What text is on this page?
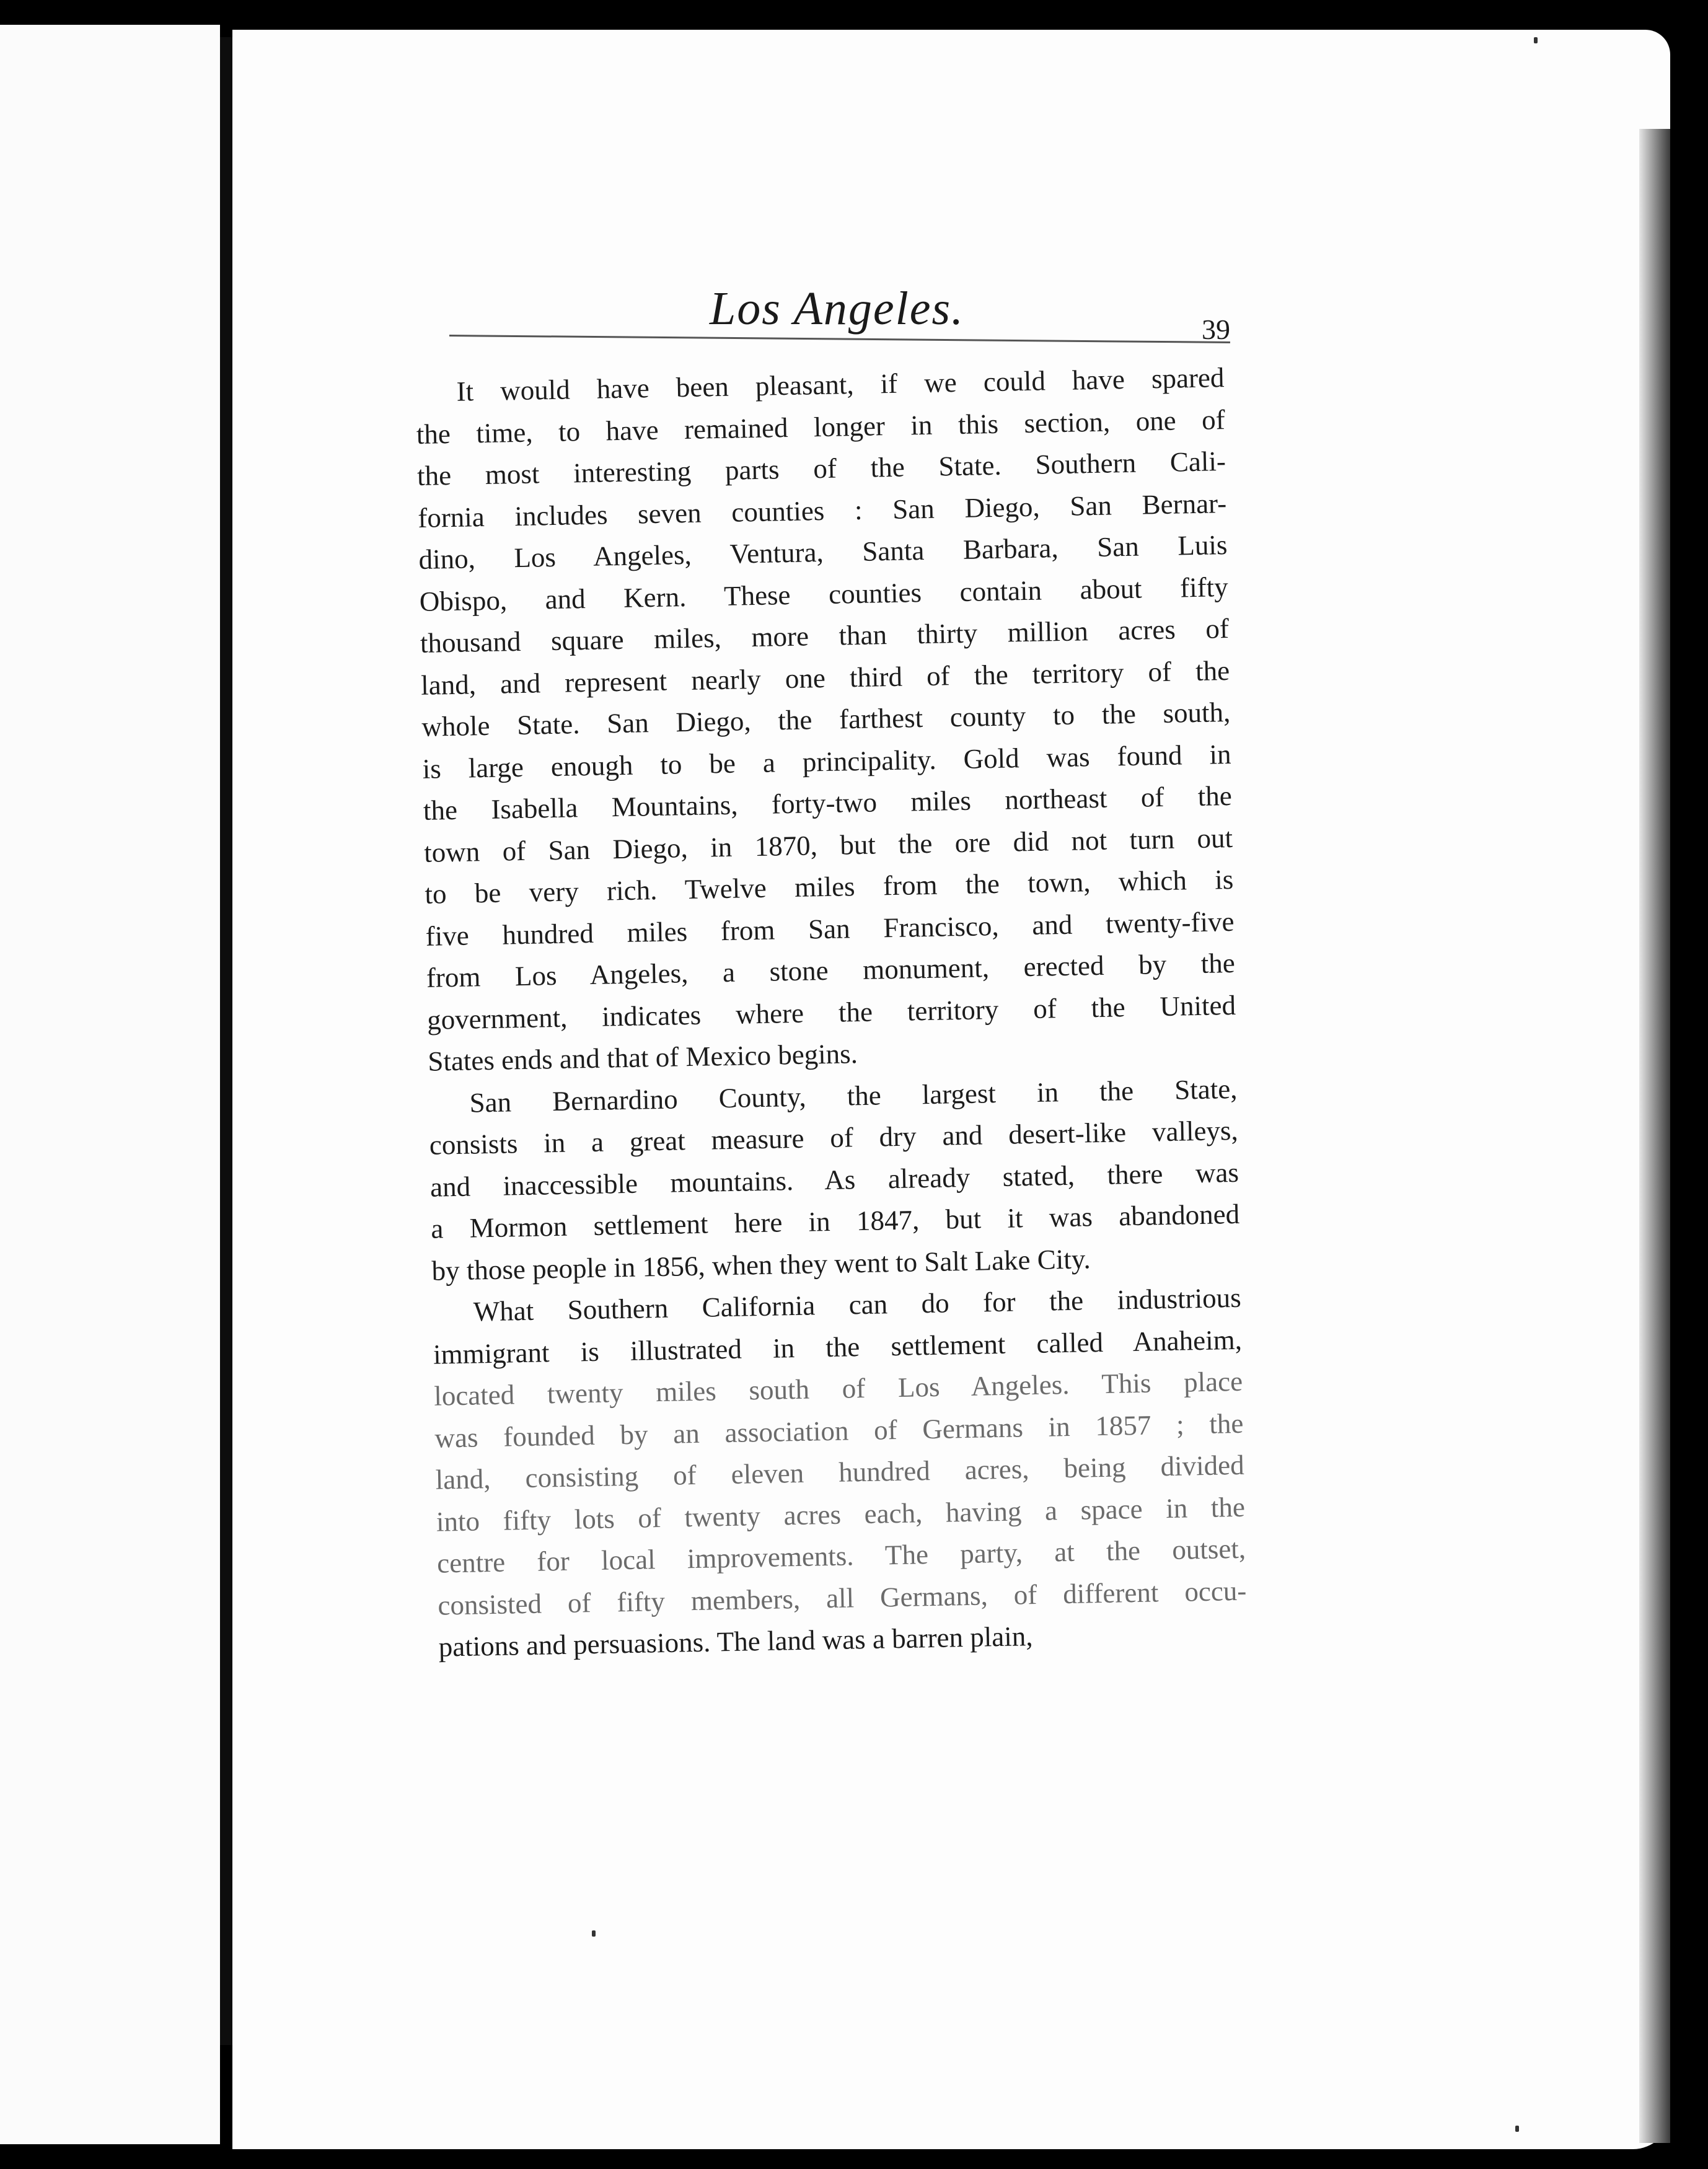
Los Angeles.	39
It would have been pleasant, if we could have spared
the time, to have remained longer in this section, one of
the most interesting parts of the State. Southern Cali-
fornia includes seven counties : San Diego, San Bernar-
dino, Los Angeles, Ventura, Santa Barbara, San Luis
Obispo, and Kern. These counties contain about fifty
thousand square miles, more than thirty million acres of
land, and represent nearly one third of the territory of the
whole State. San Diego, the farthest county to the south,
is large enough to be a principality. Gold was found in
the Isabella Mountains, forty-two miles northeast of the
town of San Diego, in 1870, but the ore did not turn out
to be very rich. Twelve miles from the town, which is
five hundred miles from San Francisco, and twenty-five
from Los Angeles, a stone monument, erected by the
government, indicates where the territory of the United
States ends and that of Mexico begins.
San Bernardino County, the largest in the State,
consists in a great measure of dry and desert-like valleys,
and inaccessible mountains. As already stated, there was
a Mormon settlement here in 1847, but it was abandoned
by those people in 1856, when they went to Salt Lake City.
What Southern California can do for the industrious
immigrant is illustrated in the settlement called Anaheim,
located twenty miles south of Los Angeles. This place
was founded by an association of Germans in 1857 ; the
land, consisting of eleven hundred acres, being divided
into fifty lots of twenty acres each, having a space in the
centre for local improvements. The party, at the outset,
consisted of fifty members, all Germans, of different occu-
pations and persuasions. The land was a barren plain,
